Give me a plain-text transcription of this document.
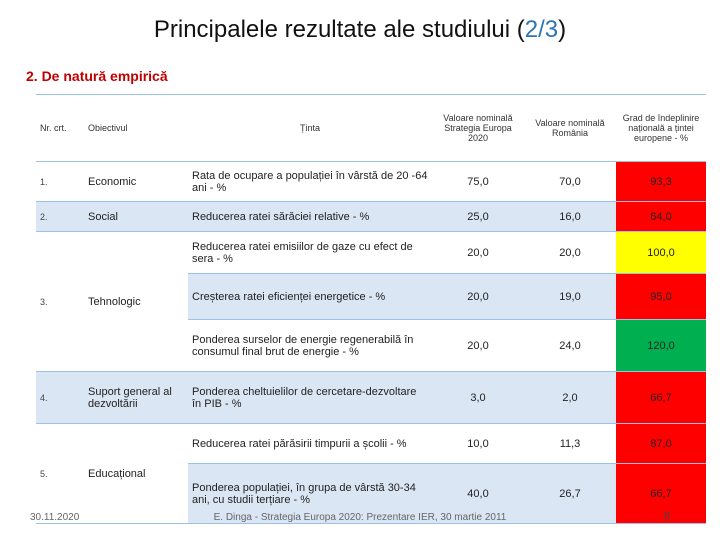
Principalele rezultate ale studiului (2/3)
2. De natură empirică
Nr. crt.	Obiectivul	Ținta	Valoare nominală Strategia Europa 2020	Valoare nominală România	Grad de îndeplinire națională a țintei europene - %
1.	Economic	Rata de ocupare a populației în vârstă de 20 -64 ani - %	75,0	70,0	93,3
2.	Social	Reducerea ratei sărăciei relative - %	25,0	16,0	64,0
3.	Tehnologic	Reducerea ratei emisiilor de gaze cu efect de sera - %	20,0	20,0	100,0
		Creșterea ratei eficienței energetice - %	20,0	19,0	95,0
		Ponderea surselor de energie regenerabilă în consumul final brut de energie - %	20,0	24,0	120,0
4.	Suport general al dezvoltării	Ponderea cheltuielilor de cercetare-dezvoltare în PIB - %	3,0	2,0	66,7
5.	Educațional	Reducerea ratei părăsirii timpurii a școlii - %	10,0	11,3	87,0
		Ponderea populației, în grupa de vârstă 30-34 ani, cu studii terțiare - %	40,0	26,7	66,7
30.11.2020	E. Dinga - Strategia Europa 2020: Prezentare IER, 30 martie 2011	8
